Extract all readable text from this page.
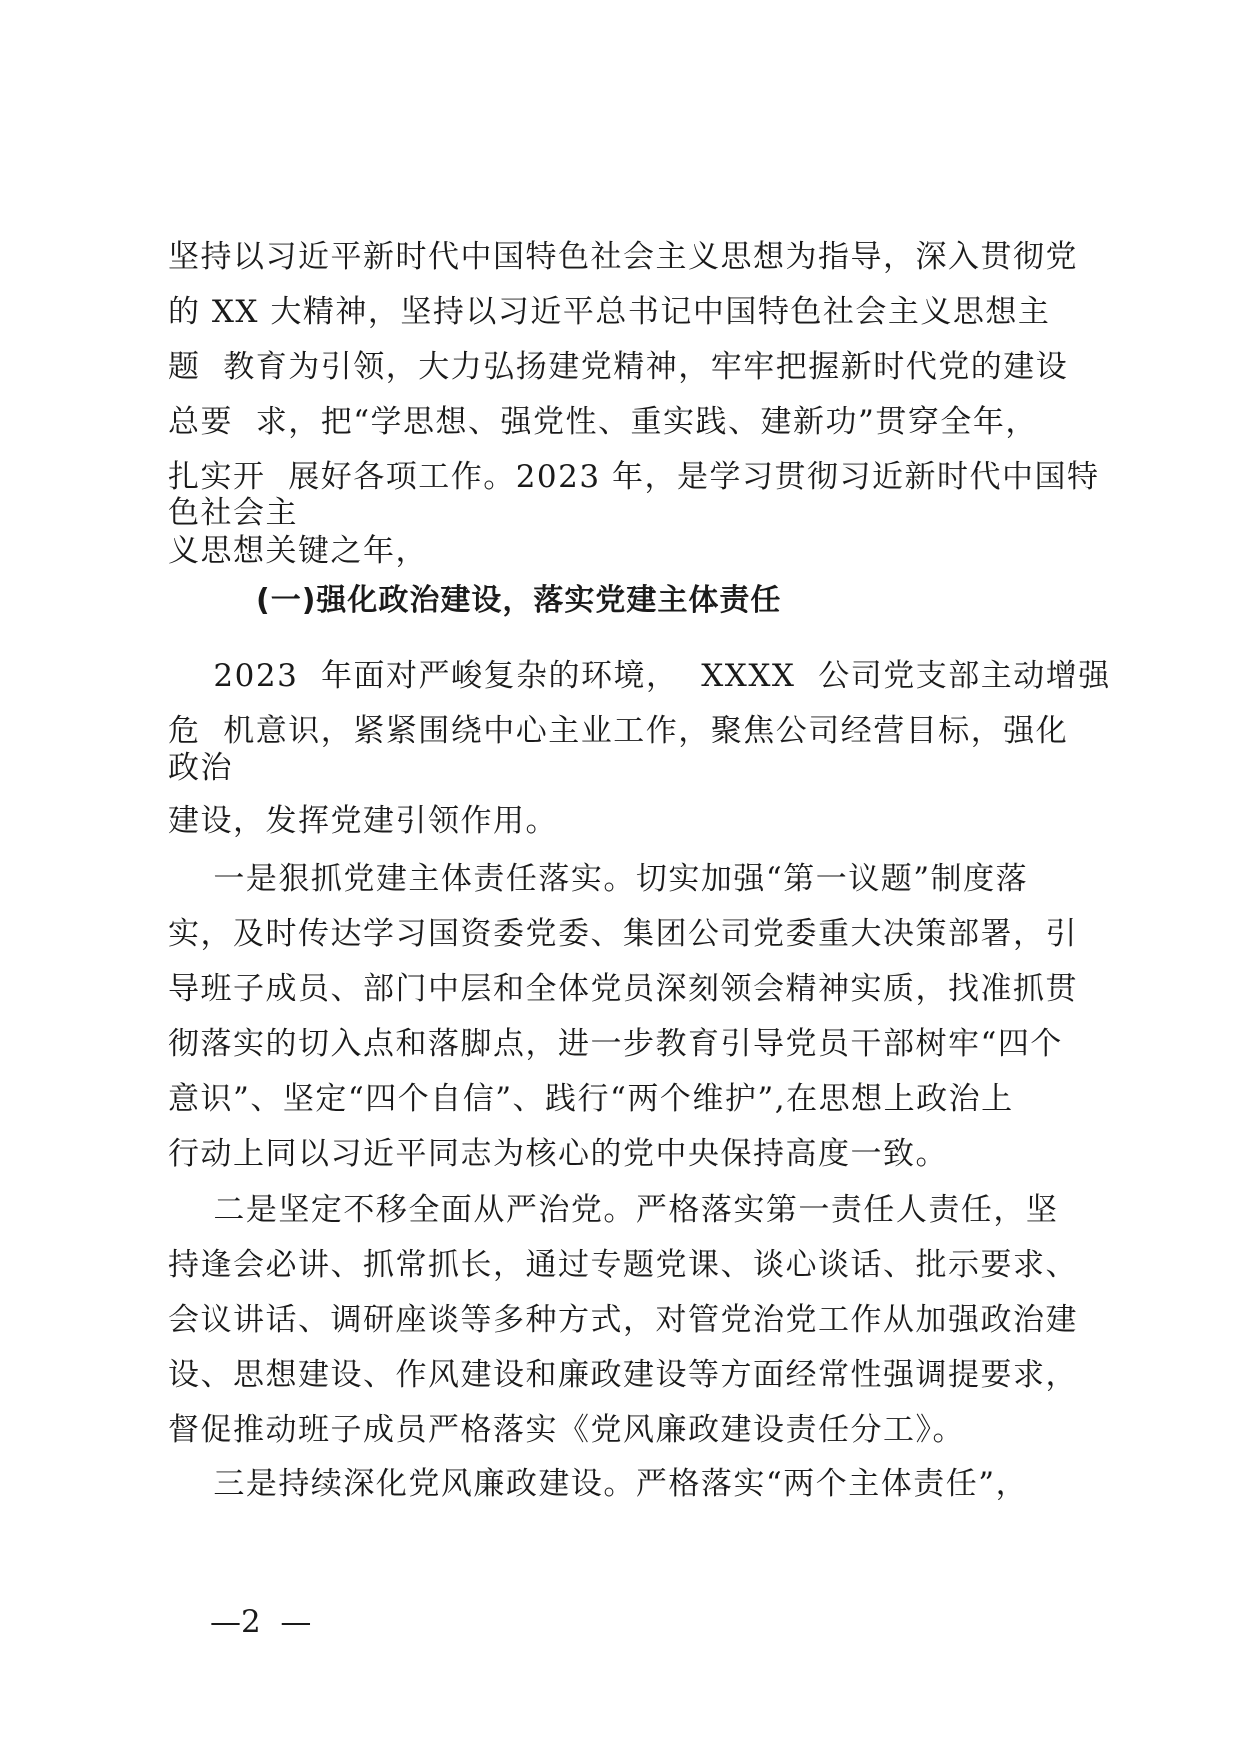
坚持以习近平新时代中国特色社会主义思想为指导，深入贯彻党
的 XX 大精神，坚持以习近平总书记中国特色社会主义思想主
题  教育为引领，大力弘扬建党精神，牢牢把握新时代党的建设
总要  求，把“学思想、强党性、重实践、建新功”贯穿全年，
扎实开  展好各项工作。2023 年，是学习贯彻习近新时代中国特
色社会主
义思想关键之年，
(一)强化政治建设，落实党建主体责任
2023  年面对严峻复杂的环境，  XXXX  公司党支部主动增强
危  机意识，紧紧围绕中心主业工作，聚焦公司经营目标，强化
政治
建设，发挥党建引领作用。
一是狠抓党建主体责任落实。切实加强“第一议题”制度落
实，及时传达学习国资委党委、集团公司党委重大决策部署，引
导班子成员、部门中层和全体党员深刻领会精神实质，找准抓贯
彻落实的切入点和落脚点，进一步教育引导党员干部树牢“四个
意识”、坚定“四个自信”、践行“两个维护”,在思想上政治上
行动上同以习近平同志为核心的党中央保持高度一致。
二是坚定不移全面从严治党。严格落实第一责任人责任，坚
持逢会必讲、抓常抓长，通过专题党课、谈心谈话、批示要求、
会议讲话、调研座谈等多种方式，对管党治党工作从加强政治建
设、思想建设、作风建设和廉政建设等方面经常性强调提要求，
督促推动班子成员严格落实《党风廉政建设责任分工》。
三是持续深化党风廉政建设。严格落实“两个主体责任”，
—2  —
